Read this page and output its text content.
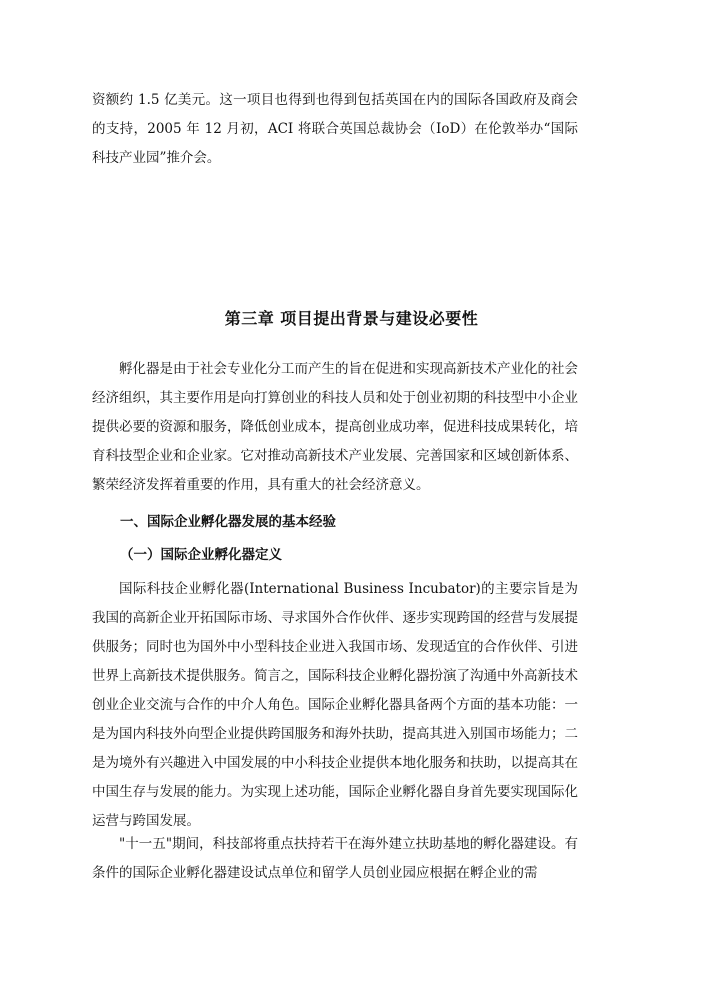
资额约 1.5 亿美元。这一项目也得到也得到包括英国在内的国际各国政府及商会的支持，2005 年 12 月初，ACI 将联合英国总裁协会（IoD）在伦敦举办“国际科技产业园”推介会。

第三章 项目提出背景与建设必要性

孵化器是由于社会专业化分工而产生的旨在促进和实现高新技术产业化的社会经济组织，其主要作用是向打算创业的科技人员和处于创业初期的科技型中小企业提供必要的资源和服务，降低创业成本，提高创业成功率，促进科技成果转化，培育科技型企业和企业家。它对推动高新技术产业发展、完善国家和区域创新体系、繁荣经济发挥着重要的作用，具有重大的社会经济意义。

一、国际企业孵化器发展的基本经验
（一）国际企业孵化器定义

国际科技企业孵化器(International Business Incubator)的主要宗旨是为我国的高新企业开拓国际市场、寻求国外合作伙伴、逐步实现跨国的经营与发展提供服务；同时也为国外中小型科技企业进入我国市场、发现适宜的合作伙伴、引进世界上高新技术提供服务。简言之，国际科技企业孵化器扮演了沟通中外高新技术创业企业交流与合作的中介人角色。国际企业孵化器具备两个方面的基本功能：一是为国内科技外向型企业提供跨国服务和海外扶助，提高其进入别国市场能力；二是为境外有兴趣进入中国发展的中小科技企业提供本地化服务和扶助，以提高其在中国生存与发展的能力。为实现上述功能，国际企业孵化器自身首先要实现国际化运营与跨国发展。

"十一五"期间，科技部将重点扶持若干在海外建立扶助基地的孵化器建设。有条件的国际企业孵化器建设试点单位和留学人员创业园应根据在孵企业的需
